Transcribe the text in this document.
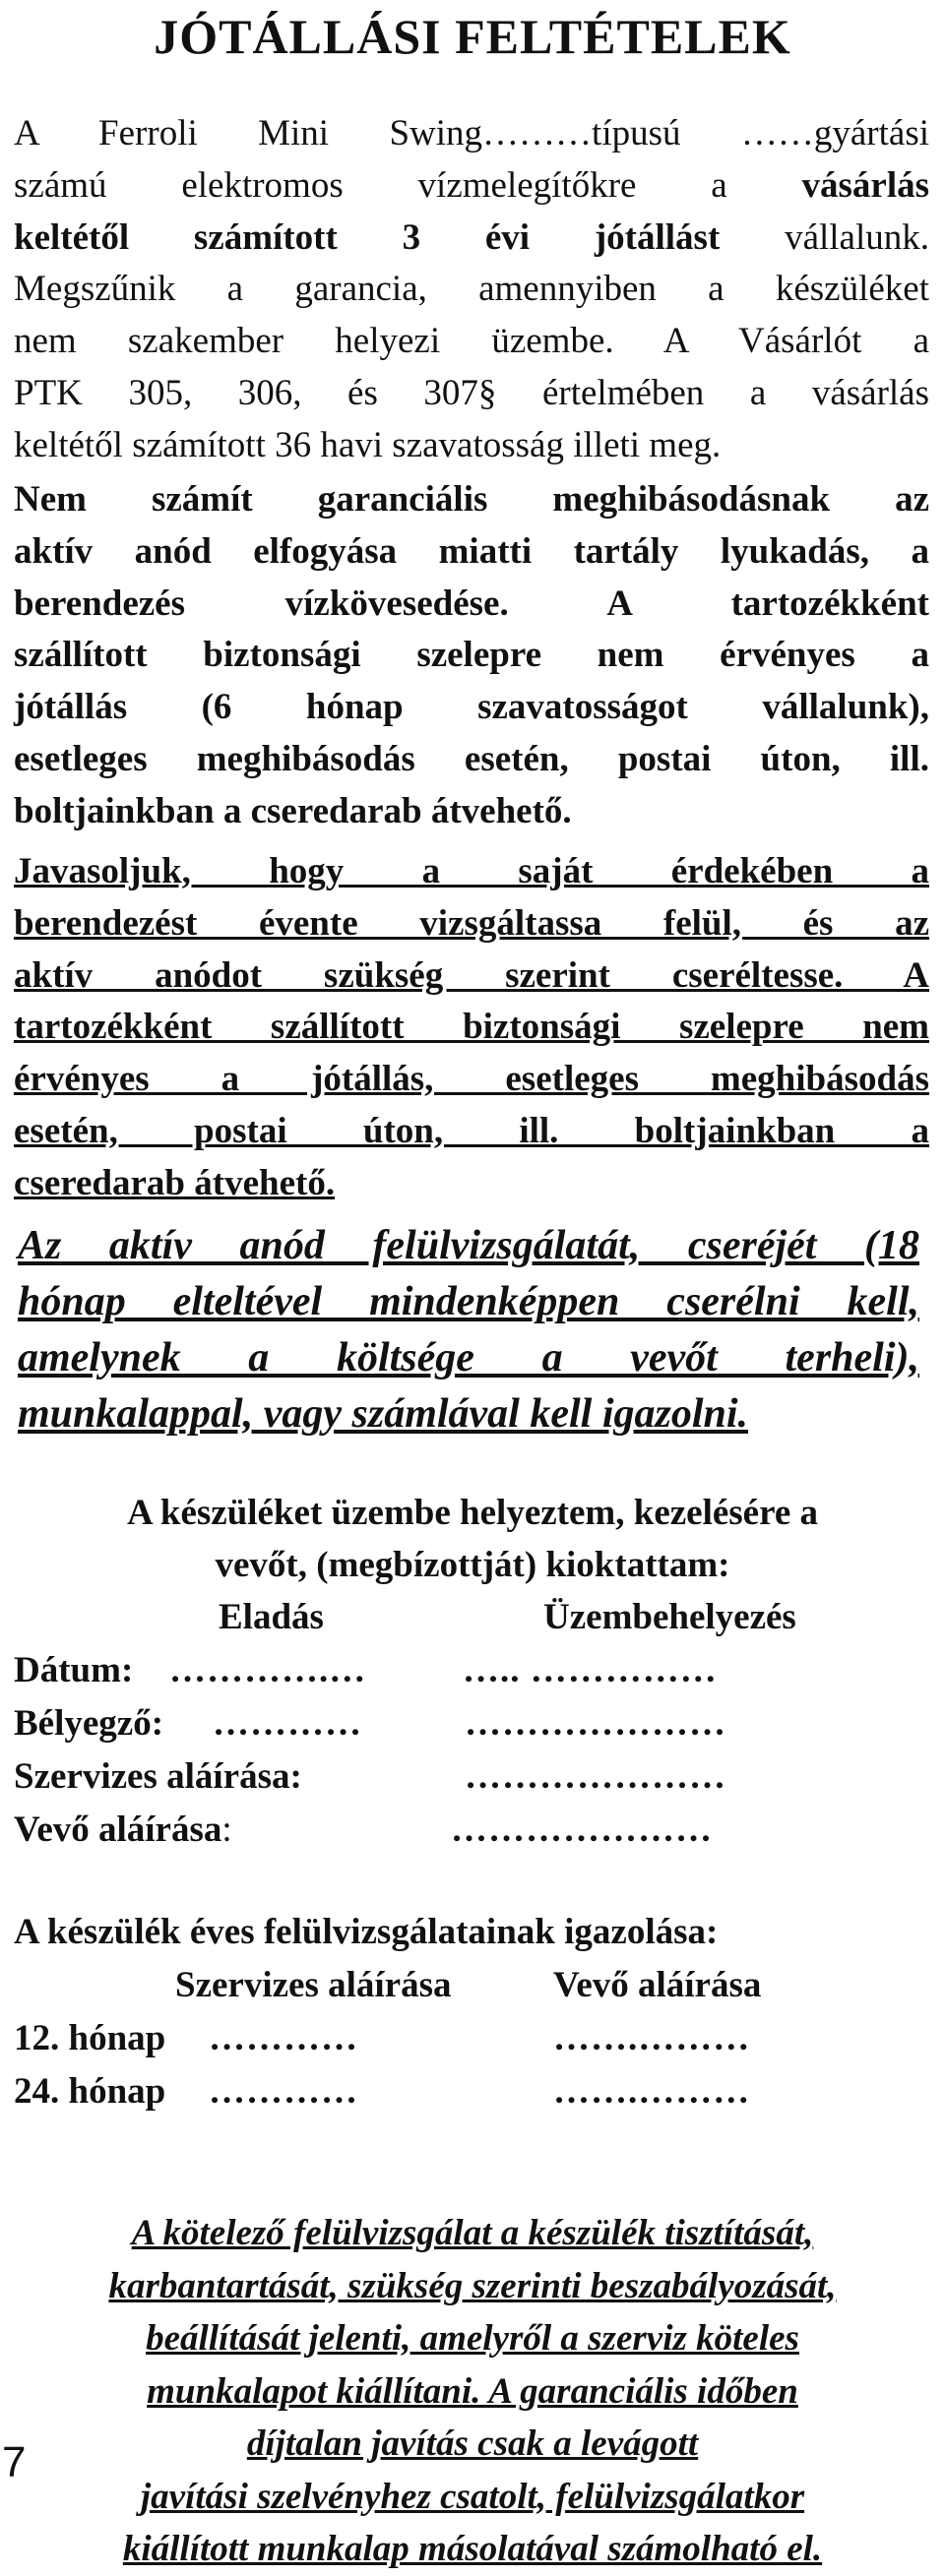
JÓTÁLLÁSI FELTÉTELEK
A Ferroli Mini Swing………típusú ……gyártási
számú elektromos vízmelegítőkre a vásárlás
keltétől számított 3 évi jótállást vállalunk.
Megszűnik a garancia, amennyiben a készüléket
nem szakember helyezi üzembe. A Vásárlót a
PTK 305, 306, és 307§ értelmében a vásárlás
keltétől számított 36 havi szavatosság illeti meg.
Nem számít garanciális meghibásodásnak az
aktív anód elfogyása miatti tartály lyukadás, a
berendezés vízkövesedése. A tartozékként
szállított biztonsági szelepre nem érvényes a
jótállás (6 hónap szavatosságot vállalunk),
esetleges meghibásodás esetén, postai úton, ill.
boltjainkban a cseredarab átvehető.
Javasoljuk, hogy a saját érdekében a
berendezést évente vizsgáltassa felül, és az
aktív anódot szükség szerint cseréltesse. A
tartozékként szállított biztonsági szelepre nem
érvényes a jótállás, esetleges meghibásodás
esetén, postai úton, ill. boltjainkban a
cseredarab átvehető.
Az aktív anód felülvizsgálatát, cseréjét (18
hónap elteltével mindenképpen cserélni kell,
amelynek a költsége a vevőt terheli),
munkalappal, vagy számlával kell igazolni.
A készüléket üzembe helyeztem, kezelésére a
vevőt, (megbízottját) kioktattam:
Eladás	Üzembehelyezés
Dátum: ………….…	….. ……………
Bélyegző: …………	…………………
Szervizes aláírása:	…………………
Vevő aláírása:	…………………
A készülék éves felülvizsgálatainak igazolása:
Szervizes aláírása	Vevő aláírása
12. hónap …………	…….………
24. hónap …………	…….………
A kötelező felülvizsgálat a készülék tisztítását,
karbantartását, szükség szerinti beszabályozását,
beállítását jelenti, amelyről a szerviz köteles
munkalapot kiállítani. A garanciális időben
díjtalan javítás csak a levágott
javítási szelvényhez csatolt, felülvizsgálatkor
kiállított munkalap másolatával számolható el.
7
